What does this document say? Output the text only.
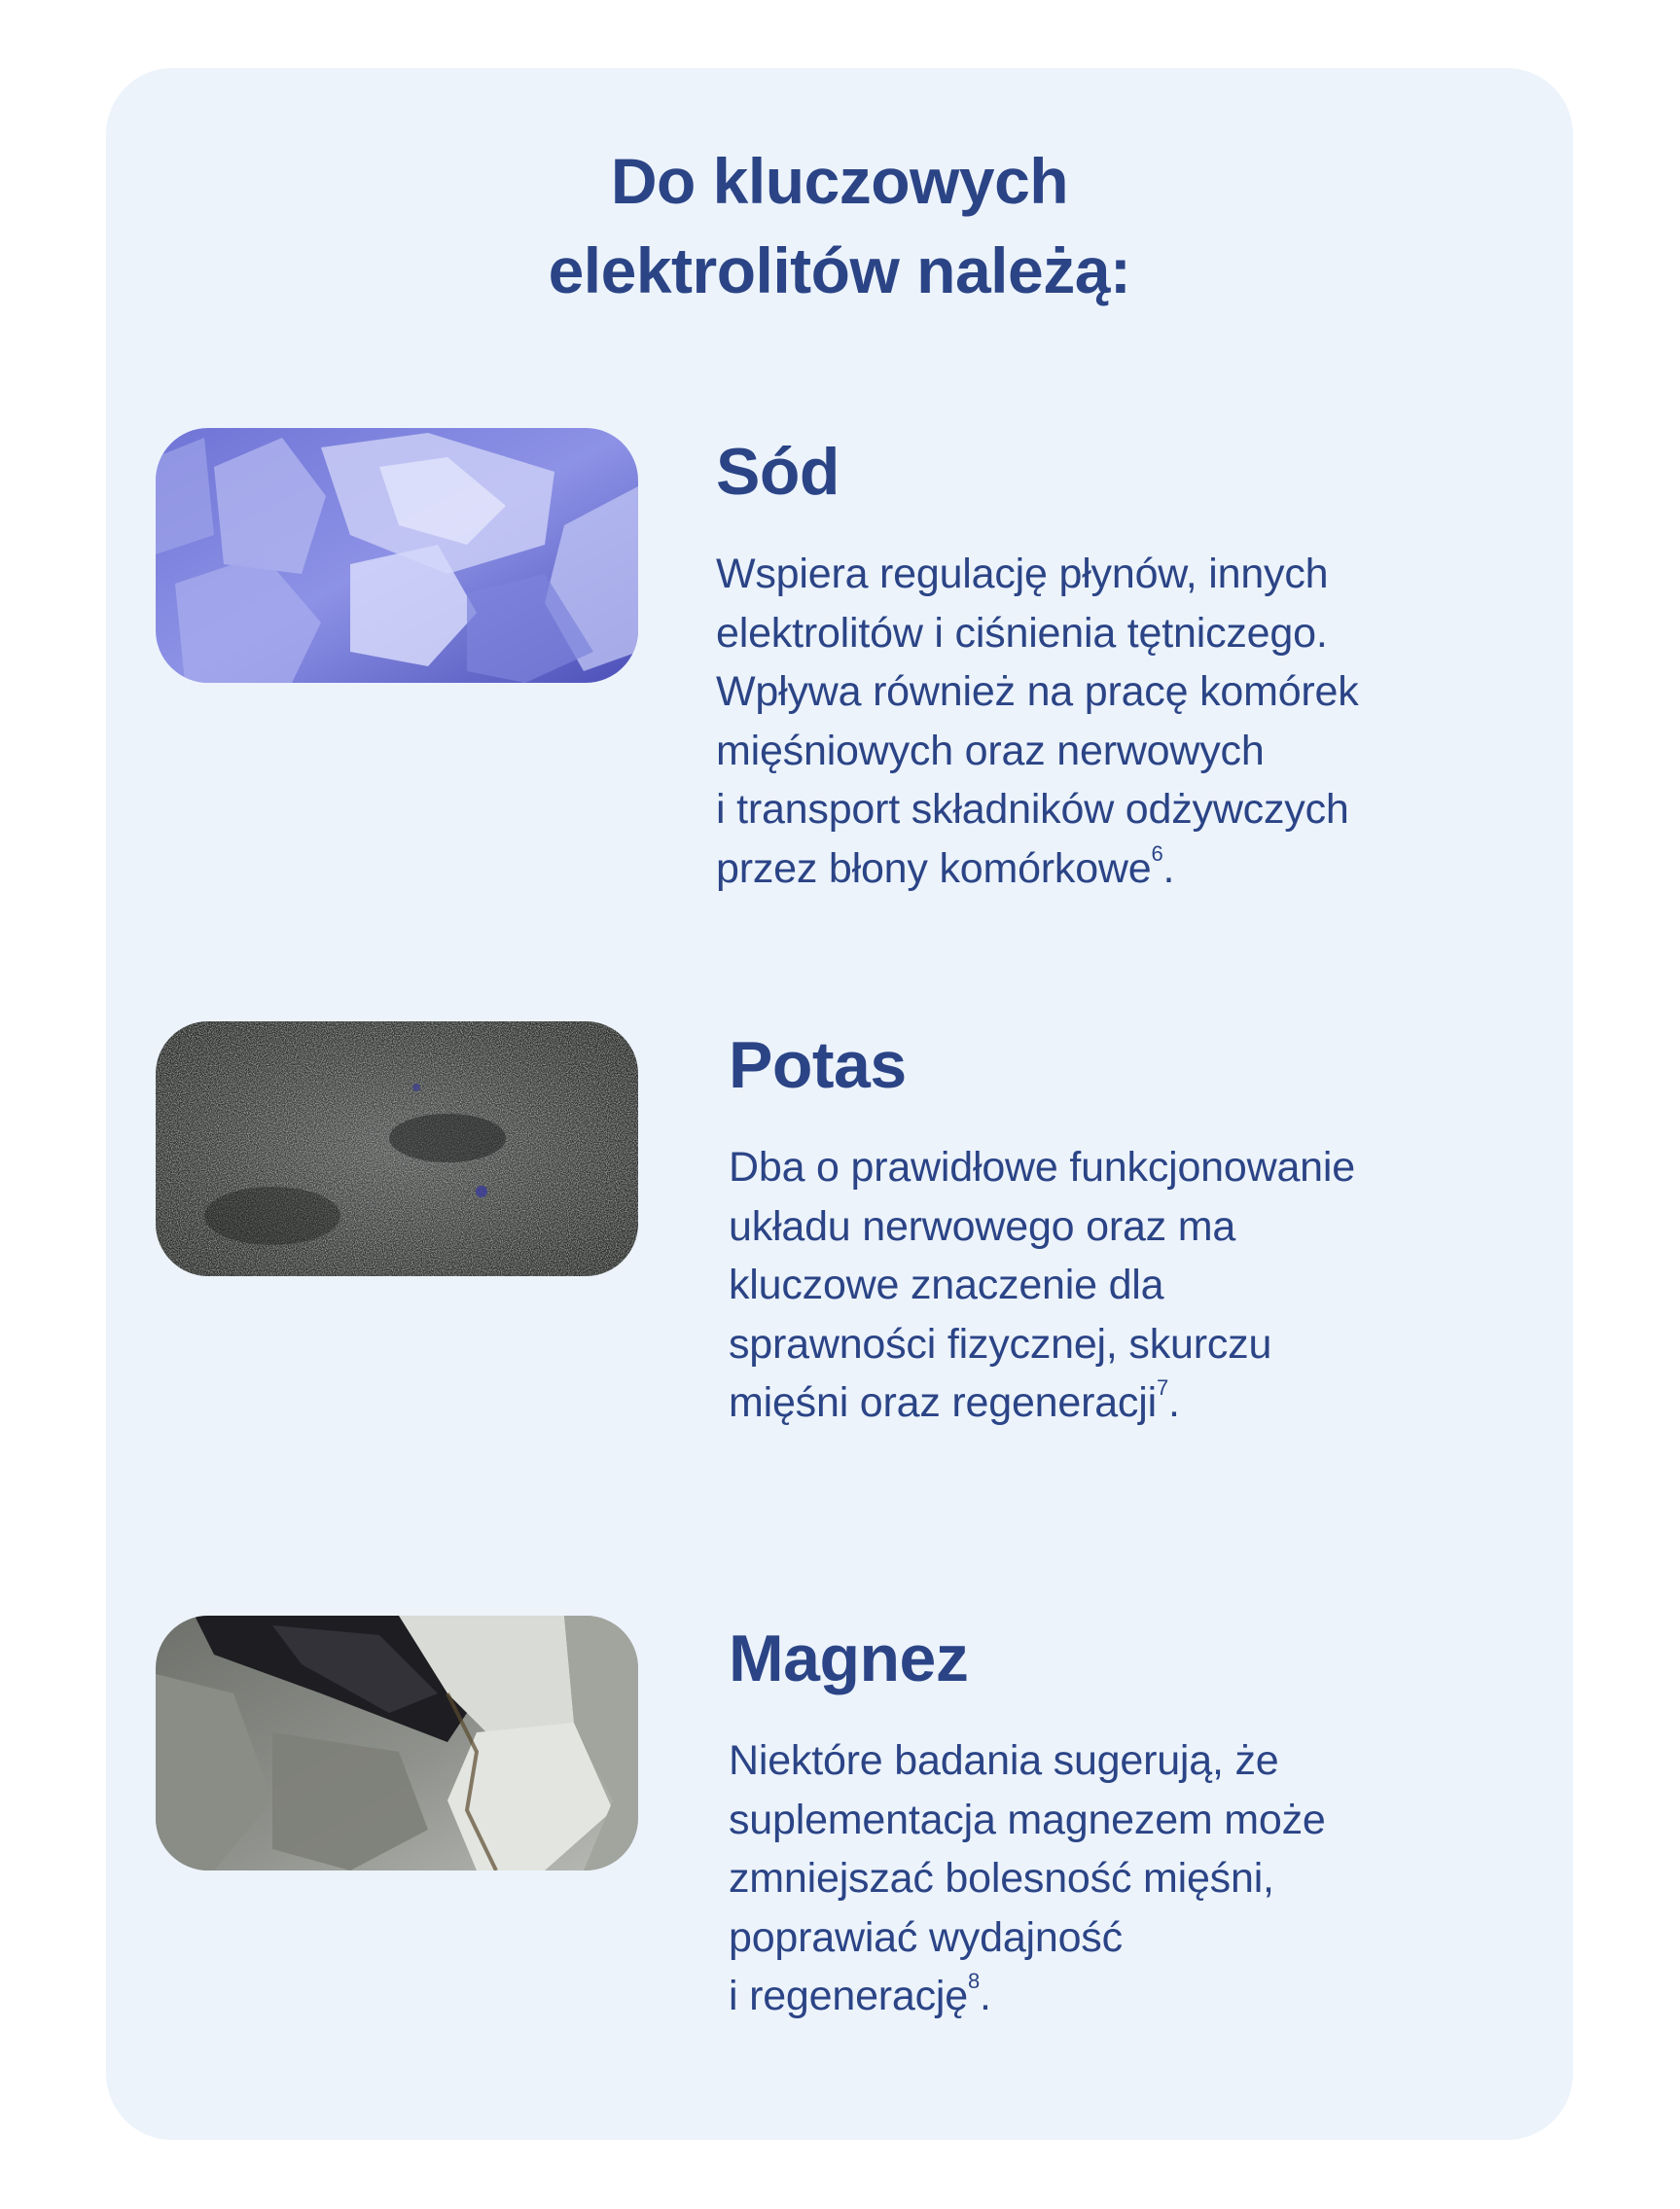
Do kluczowych
elektrolitów należą:
Sód

Wspiera regulację płynów, innych
elektrolitów i ciśnienia tętniczego.
Wpływa również na pracę komórek
mięśniowych oraz nerwowych
i transport składników odżywczych
przez błony komórkowe$^6$.

Potas

Dba o prawidłowe funkcjonowanie
układu nerwowego oraz ma
kluczowe znaczenie dla
sprawności fizycznej, skurczu
mięśni oraz regeneracji$^7$.

Magnez

Niektóre badania sugerują, że
suplementacja magnezem może
zmniejszać bolesność mięśni,
poprawiać wydajność
i regenerację$^8$.
